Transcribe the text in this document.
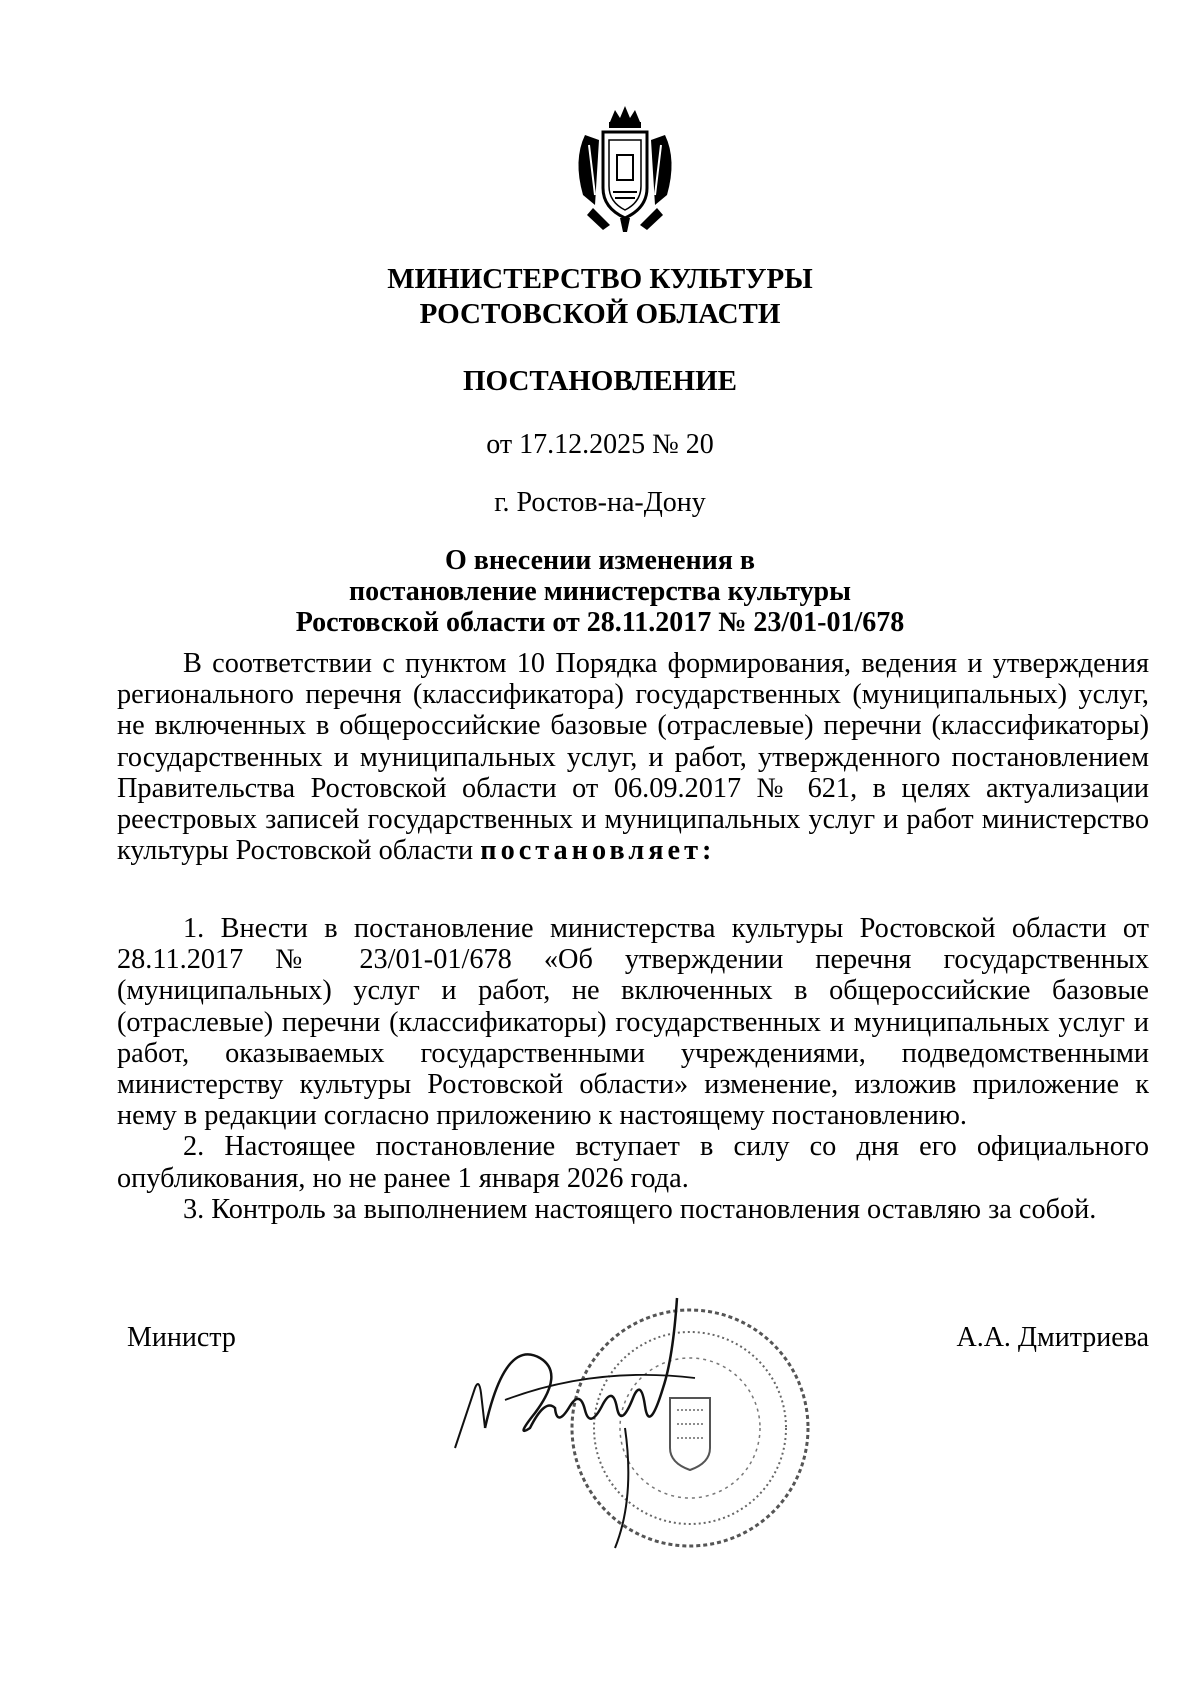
МИНИСТЕРСТВО КУЛЬТУРЫ
РОСТОВСКОЙ ОБЛАСТИ
ПОСТАНОВЛЕНИЕ
от 17.12.2025 № 20
г. Ростов-на-Дону
О внесении изменения в
постановление министерства культуры
Ростовской области от 28.11.2017 № 23/01-01/678

В соответствии с пунктом 10 Порядка формирования, ведения и утверждения регионального перечня (классификатора) государственных (муниципальных) услуг, не включенных в общероссийские базовые (отраслевые) перечни (классификаторы) государственных и муниципальных услуг, и работ, утвержденного постановлением Правительства Ростовской области от 06.09.2017 № 621, в целях актуализации реестровых записей государственных и муниципальных услуг и работ министерство культуры Ростовской области постановляет:

1. Внести в постановление министерства культуры Ростовской области от 28.11.2017 № 23/01-01/678 «Об утверждении перечня государственных (муниципальных) услуг и работ, не включенных в общероссийские базовые (отраслевые) перечни (классификаторы) государственных и муниципальных услуг и работ, оказываемых государственными учреждениями, подведомственными министерству культуры Ростовской области» изменение, изложив приложение к нему в редакции согласно приложению к настоящему постановлению.

2. Настоящее постановление вступает в силу со дня его официального опубликования, но не ранее 1 января 2026 года.

3. Контроль за выполнением настоящего постановления оставляю за собой.

Министр	А.А. Дмитриева
